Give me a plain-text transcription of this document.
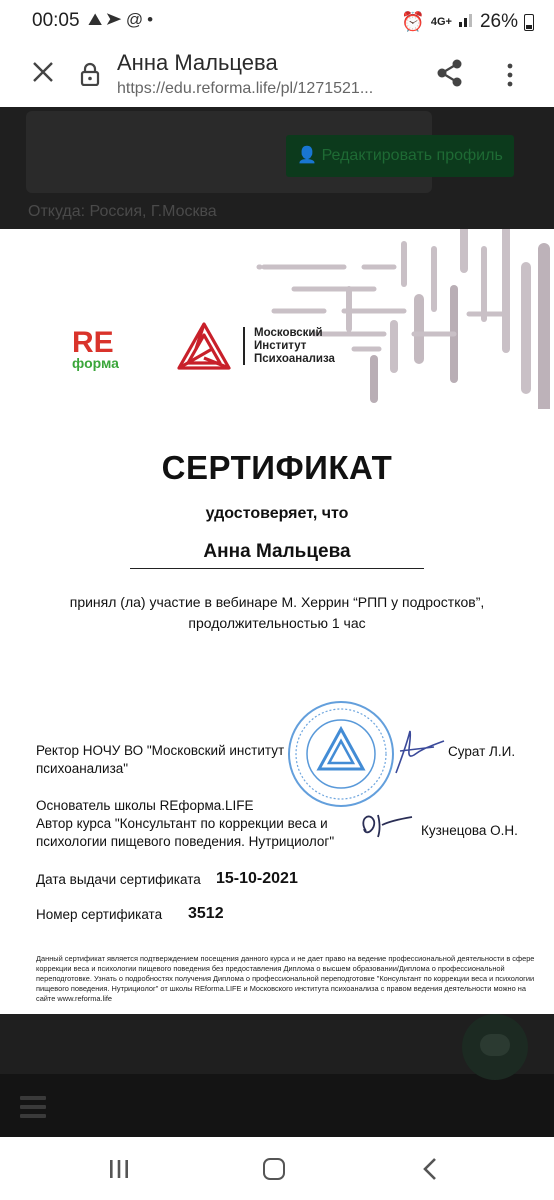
00:05 ⛰➤@•	⏰ 4G+ 26%
Анна Мальцева
https://edu.reforma.life/pl/1271521...
👤 Редактировать профиль
Откуда: Россия, Г.Москва
RE
форма
Московский
Институт
Психоанализа
СЕРТИФИКАТ
удостоверяет, что
Анна Мальцева
принял (ла) участие в вебинаре М. Херрин “РПП у подростков”,
продолжительностью 1 час
Ректор НОЧУ ВО "Московский институт
психоанализа"
Сурат Л.И.
Основатель школы REформа.LIFE
Автор курса "Консультант по коррекции веса и
психологии пищевого поведения. Нутрициолог"
Кузнецова О.Н.
Дата выдачи сертификата 15-10-2021
Номер сертификата 3512
Данный сертификат является подтверждением посещения данного курса и не дает право на ведение профессиональной деятельности в сфере коррекции веса и психологии пищевого поведения без предоставления Диплома о высшем образовании/Диплома о профессиональной переподготовке. Узнать о подробностях получения Диплома о профессиональной переподготовке "Консультант по коррекции веса и психологии пищевого поведения. Нутрициолог" от школы REforma.LIFE и Московского института психоанализа с правом ведения деятельности можно на сайте www.reforma.life
